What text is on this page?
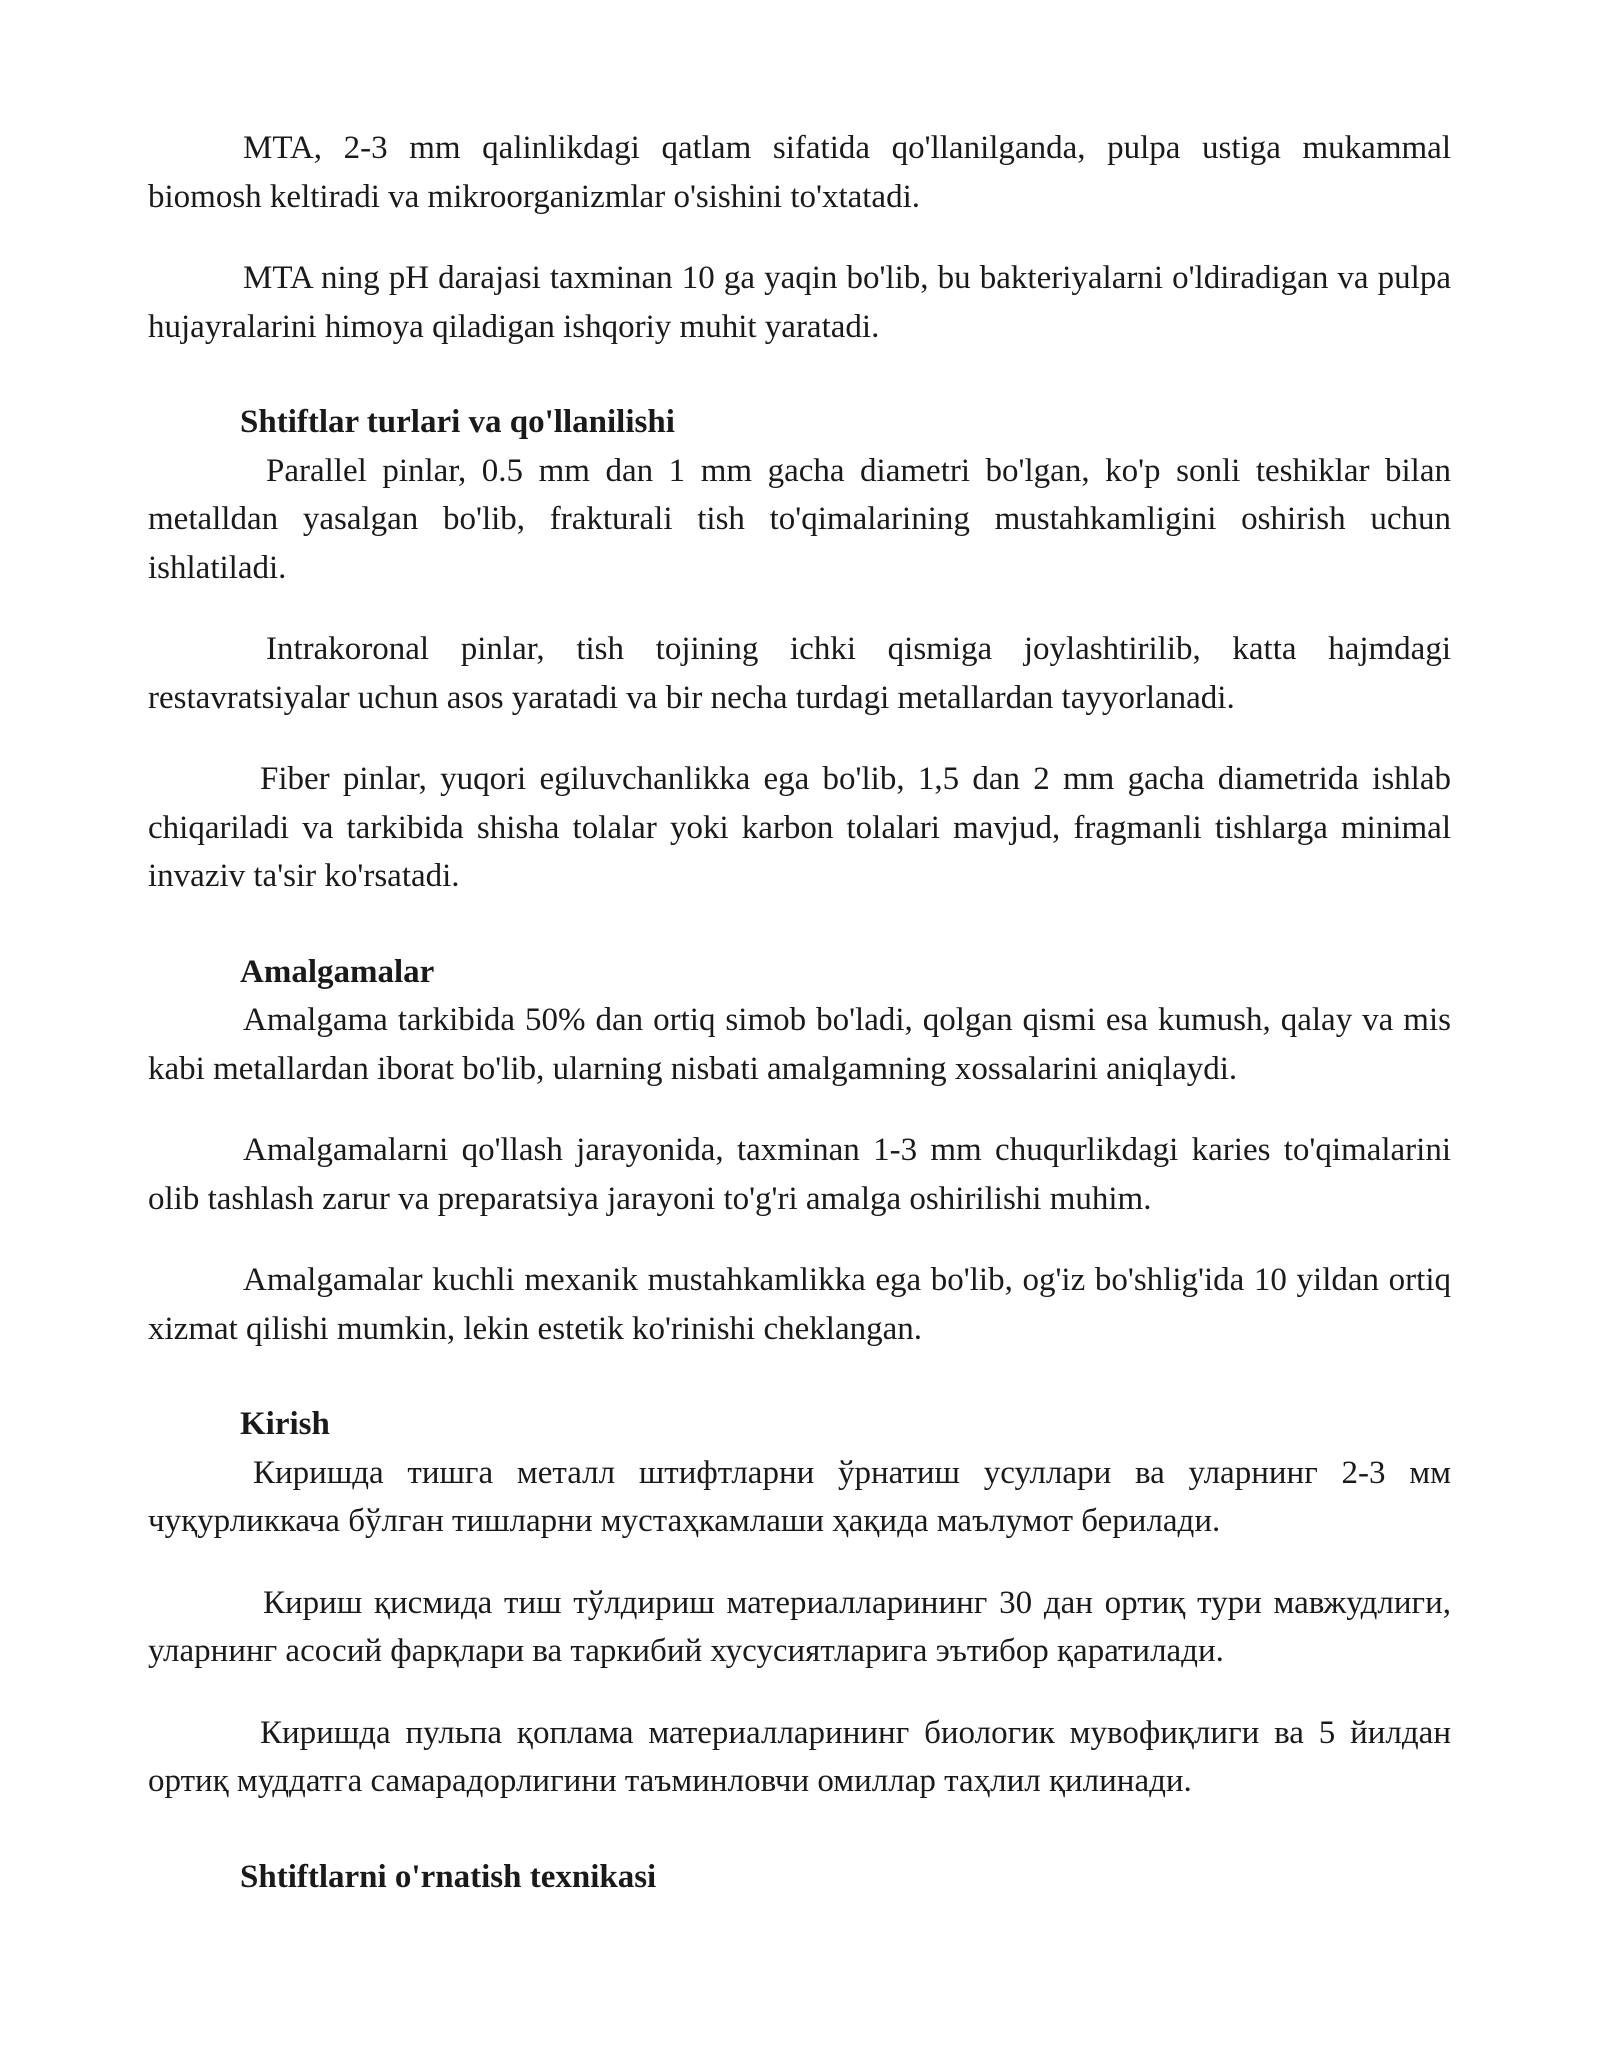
MTA, 2-3 mm qalinlikdagi qatlam sifatida qo'llanilganda, pulpa ustiga mukammal biomosh keltiradi va mikroorganizmlar o'sishini to'xtatadi.

MTA ning pH darajasi taxminan 10 ga yaqin bo'lib, bu bakteriyalarni o'ldiradigan va pulpa hujayralarini himoya qiladigan ishqoriy muhit yaratadi.

Shtiftlar turlari va qo'llanilishi

Parallel pinlar, 0.5 mm dan 1 mm gacha diametri bo'lgan, ko'p sonli teshiklar bilan metalldan yasalgan bo'lib, frakturali tish to'qimalarining mustahkamligini oshirish uchun ishlatiladi.

Intrakoronal pinlar, tish tojining ichki qismiga joylashtirilib, katta hajmdagi restavratsiyalar uchun asos yaratadi va bir necha turdagi metallardan tayyorlanadi.

Fiber pinlar, yuqori egiluvchanlikka ega bo'lib, 1,5 dan 2 mm gacha diametrida ishlab chiqariladi va tarkibida shisha tolalar yoki karbon tolalari mavjud, fragmanli tishlarga minimal invaziv ta'sir ko'rsatadi.

Amalgamalar

Amalgama tarkibida 50% dan ortiq simob bo'ladi, qolgan qismi esa kumush, qalay va mis kabi metallardan iborat bo'lib, ularning nisbati amalgamning xossalarini aniqlaydi.

Amalgamalarni qo'llash jarayonida, taxminan 1-3 mm chuqurlikdagi karies to'qimalarini olib tashlash zarur va preparatsiya jarayoni to'g'ri amalga oshirilishi muhim.

Amalgamalar kuchli mexanik mustahkamlikka ega bo'lib, og'iz bo'shlig'ida 10 yildan ortiq xizmat qilishi mumkin, lekin estetik ko'rinishi cheklangan.

Kirish

Киришда тишга металл штифтларни ўрнатиш усуллари ва уларнинг 2-3 мм чуқурликкача бўлган тишларни мустаҳкамлаши ҳақида маълумот берилади.

Кириш қисмида тиш тўлдириш материалларининг 30 дан ортиқ тури мавжудлиги, уларнинг асосий фарқлари ва таркибий хусусиятларига эътибор қаратилади.

Киришда пульпа қоплама материалларининг биологик мувофиқлиги ва 5 йилдан ортиқ муддатга самарадорлигини таъминловчи омиллар таҳлил қилинади.

Shtiftlarni o'rnatish texnikasi
